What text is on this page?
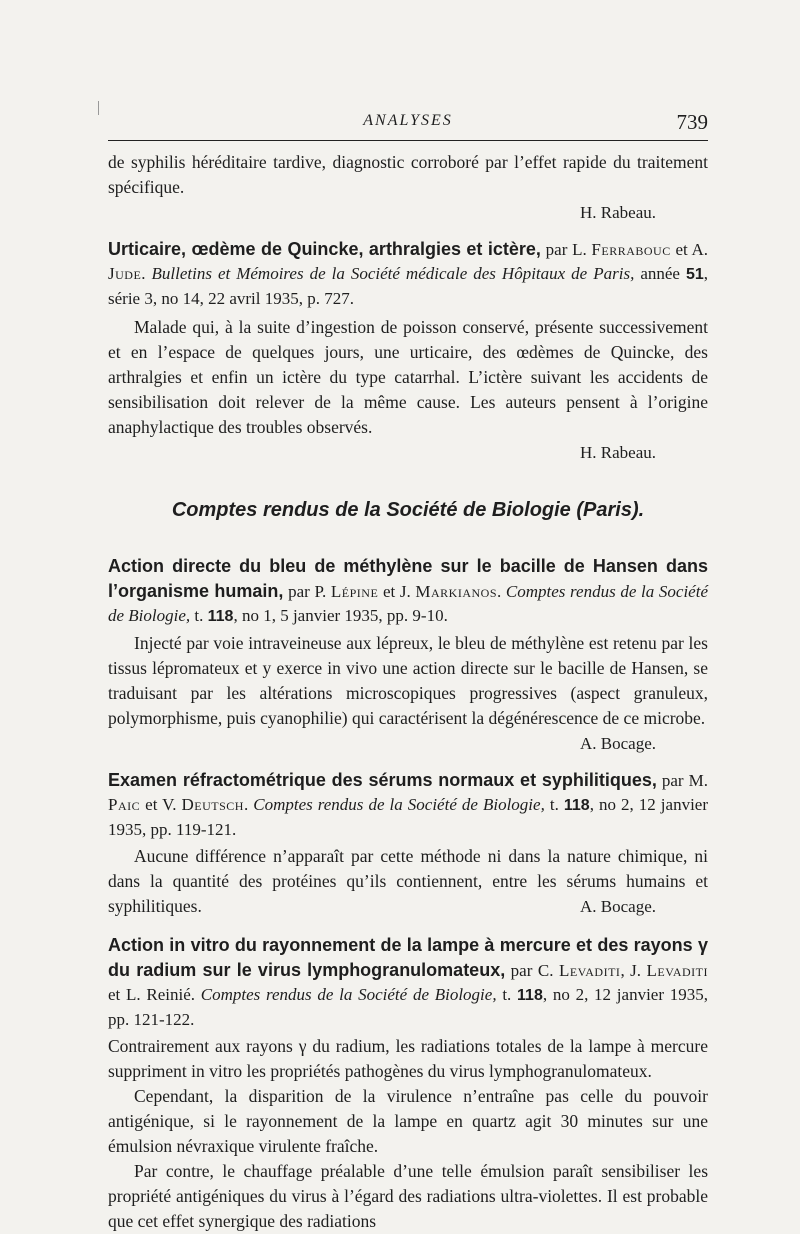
ANALYSES	739

de syphilis héréditaire tardive, diagnostic corroboré par l’effet rapide du traitement spécifique.

H. Rabeau.

Urticaire, œdème de Quincke, arthralgies et ictère, par L. Ferrabouc et A. Jude. Bulletins et Mémoires de la Société médicale des Hôpitaux de Paris, année 51, série 3, no 14, 22 avril 1935, p. 727.

Malade qui, à la suite d’ingestion de poisson conservé, présente successivement et en l’espace de quelques jours, une urticaire, des œdèmes de Quincke, des arthralgies et enfin un ictère du type catarrhal. L’ictère suivant les accidents de sensibilisation doit relever de la même cause. Les auteurs pensent à l’origine anaphylactique des troubles observés.

H. Rabeau.

Comptes rendus de la Société de Biologie (Paris).

Action directe du bleu de méthylène sur le bacille de Hansen dans l’organisme humain, par P. Lépine et J. Markianos. Comptes rendus de la Société de Biologie, t. 118, no 1, 5 janvier 1935, pp. 9-10.

Injecté par voie intraveineuse aux lépreux, le bleu de méthylène est retenu par les tissus lépromateux et y exerce in vivo une action directe sur le bacille de Hansen, se traduisant par les altérations microscopiques progressives (aspect granuleux, polymorphisme, puis cyanophilie) qui caractérisent la dégénérescence de ce microbe.

A. Bocage.

Examen réfractométrique des sérums normaux et syphilitiques, par M. Paic et V. Deutsch. Comptes rendus de la Société de Biologie, t. 118, no 2, 12 janvier 1935, pp. 119-121.

Aucune différence n’apparaît par cette méthode ni dans la nature chimique, ni dans la quantité des protéines qu’ils contiennent, entre les sérums humains et syphilitiques.	A. Bocage.

Action in vitro du rayonnement de la lampe à mercure et des rayons γ du radium sur le virus lymphogranulomateux, par C. Levaditi, J. Levaditi et L. Reinié. Comptes rendus de la Société de Biologie, t. 118, no 2, 12 janvier 1935, pp. 121-122.

Contrairement aux rayons γ du radium, les radiations totales de la lampe à mercure suppriment in vitro les propriétés pathogènes du virus lymphogranulomateux.

Cependant, la disparition de la virulence n’entraîne pas celle du pouvoir antigénique, si le rayonnement de la lampe en quartz agit 30 minutes sur une émulsion névraxique virulente fraîche.

Par contre, le chauffage préalable d’une telle émulsion paraît sensibiliser les propriété antigéniques du virus à l’égard des radiations ultra-violettes. Il est probable que cet effet synergique des radiations
